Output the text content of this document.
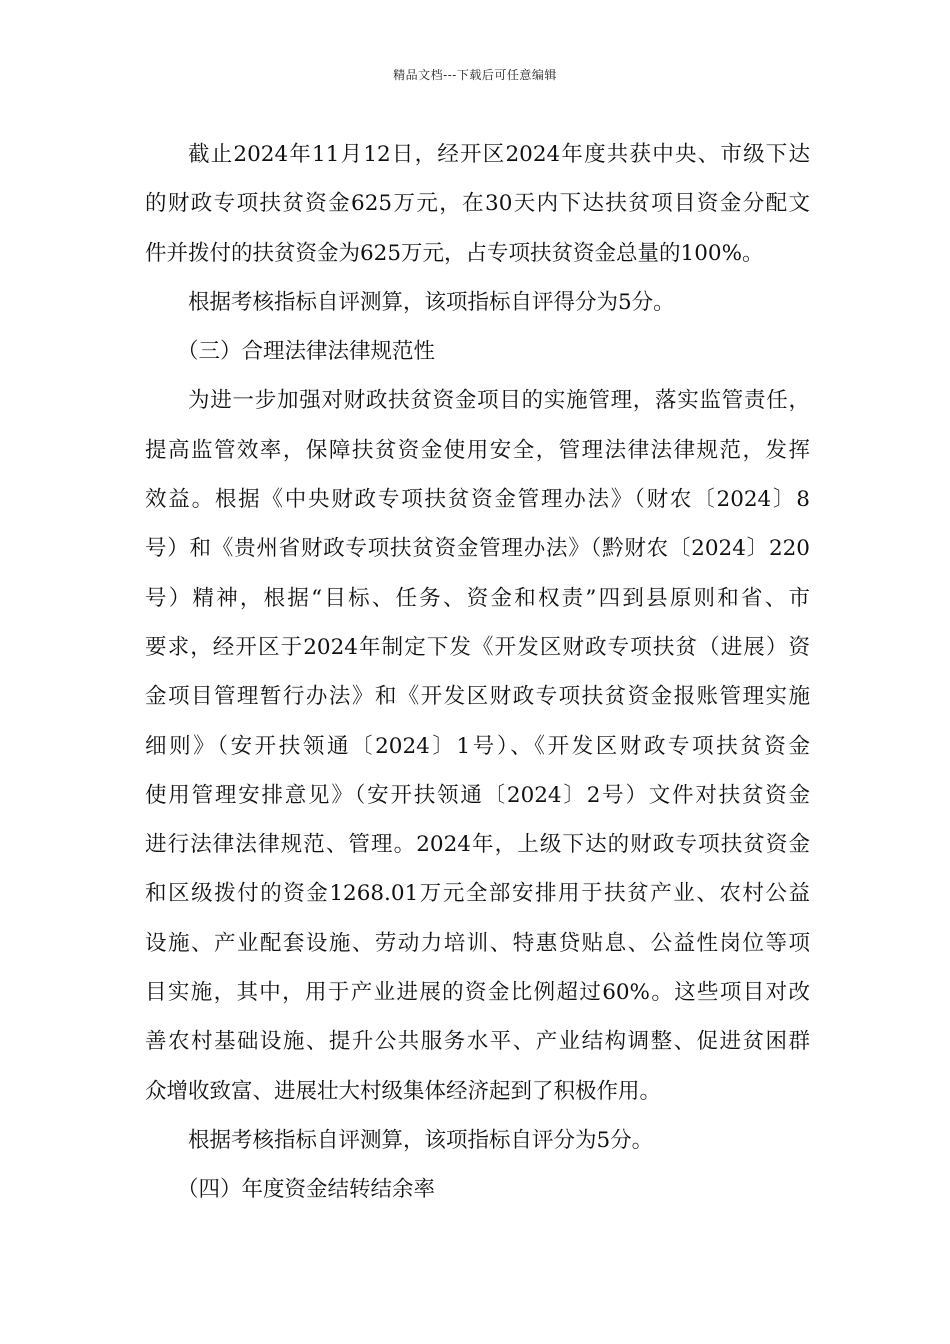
精品文档---下载后可任意编辑
截止2024年11月12日，经开区2024年度共获中央、市级下达
的财政专项扶贫资金625万元，在30天内下达扶贫项目资金分配文
件并拨付的扶贫资金为625万元，占专项扶贫资金总量的100%。
根据考核指标自评测算，该项指标自评得分为5分。
（三）合理法律法律规范性
为进一步加强对财政扶贫资金项目的实施管理，落实监管责任，
提高监管效率，保障扶贫资金使用安全，管理法律法律规范，发挥
效益。根据《中央财政专项扶贫资金管理办法》（财农〔2024〕8
号）和《贵州省财政专项扶贫资金管理办法》（黔财农〔2024〕220
号）精神，根据“目标、任务、资金和权责”四到县原则和省、市
要求，经开区于2024年制定下发《开发区财政专项扶贫（进展）资
金项目管理暂行办法》和《开发区财政专项扶贫资金报账管理实施
细则》（安开扶领通〔2024〕1号）、《开发区财政专项扶贫资金
使用管理安排意见》（安开扶领通〔2024〕2号）文件对扶贫资金
进行法律法律规范、管理。2024年，上级下达的财政专项扶贫资金
和区级拨付的资金1268.01万元全部安排用于扶贫产业、农村公益
设施、产业配套设施、劳动力培训、特惠贷贴息、公益性岗位等项
目实施，其中，用于产业进展的资金比例超过60%。这些项目对改
善农村基础设施、提升公共服务水平、产业结构调整、促进贫困群
众增收致富、进展壮大村级集体经济起到了积极作用。
根据考核指标自评测算，该项指标自评分为5分。
（四）年度资金结转结余率
